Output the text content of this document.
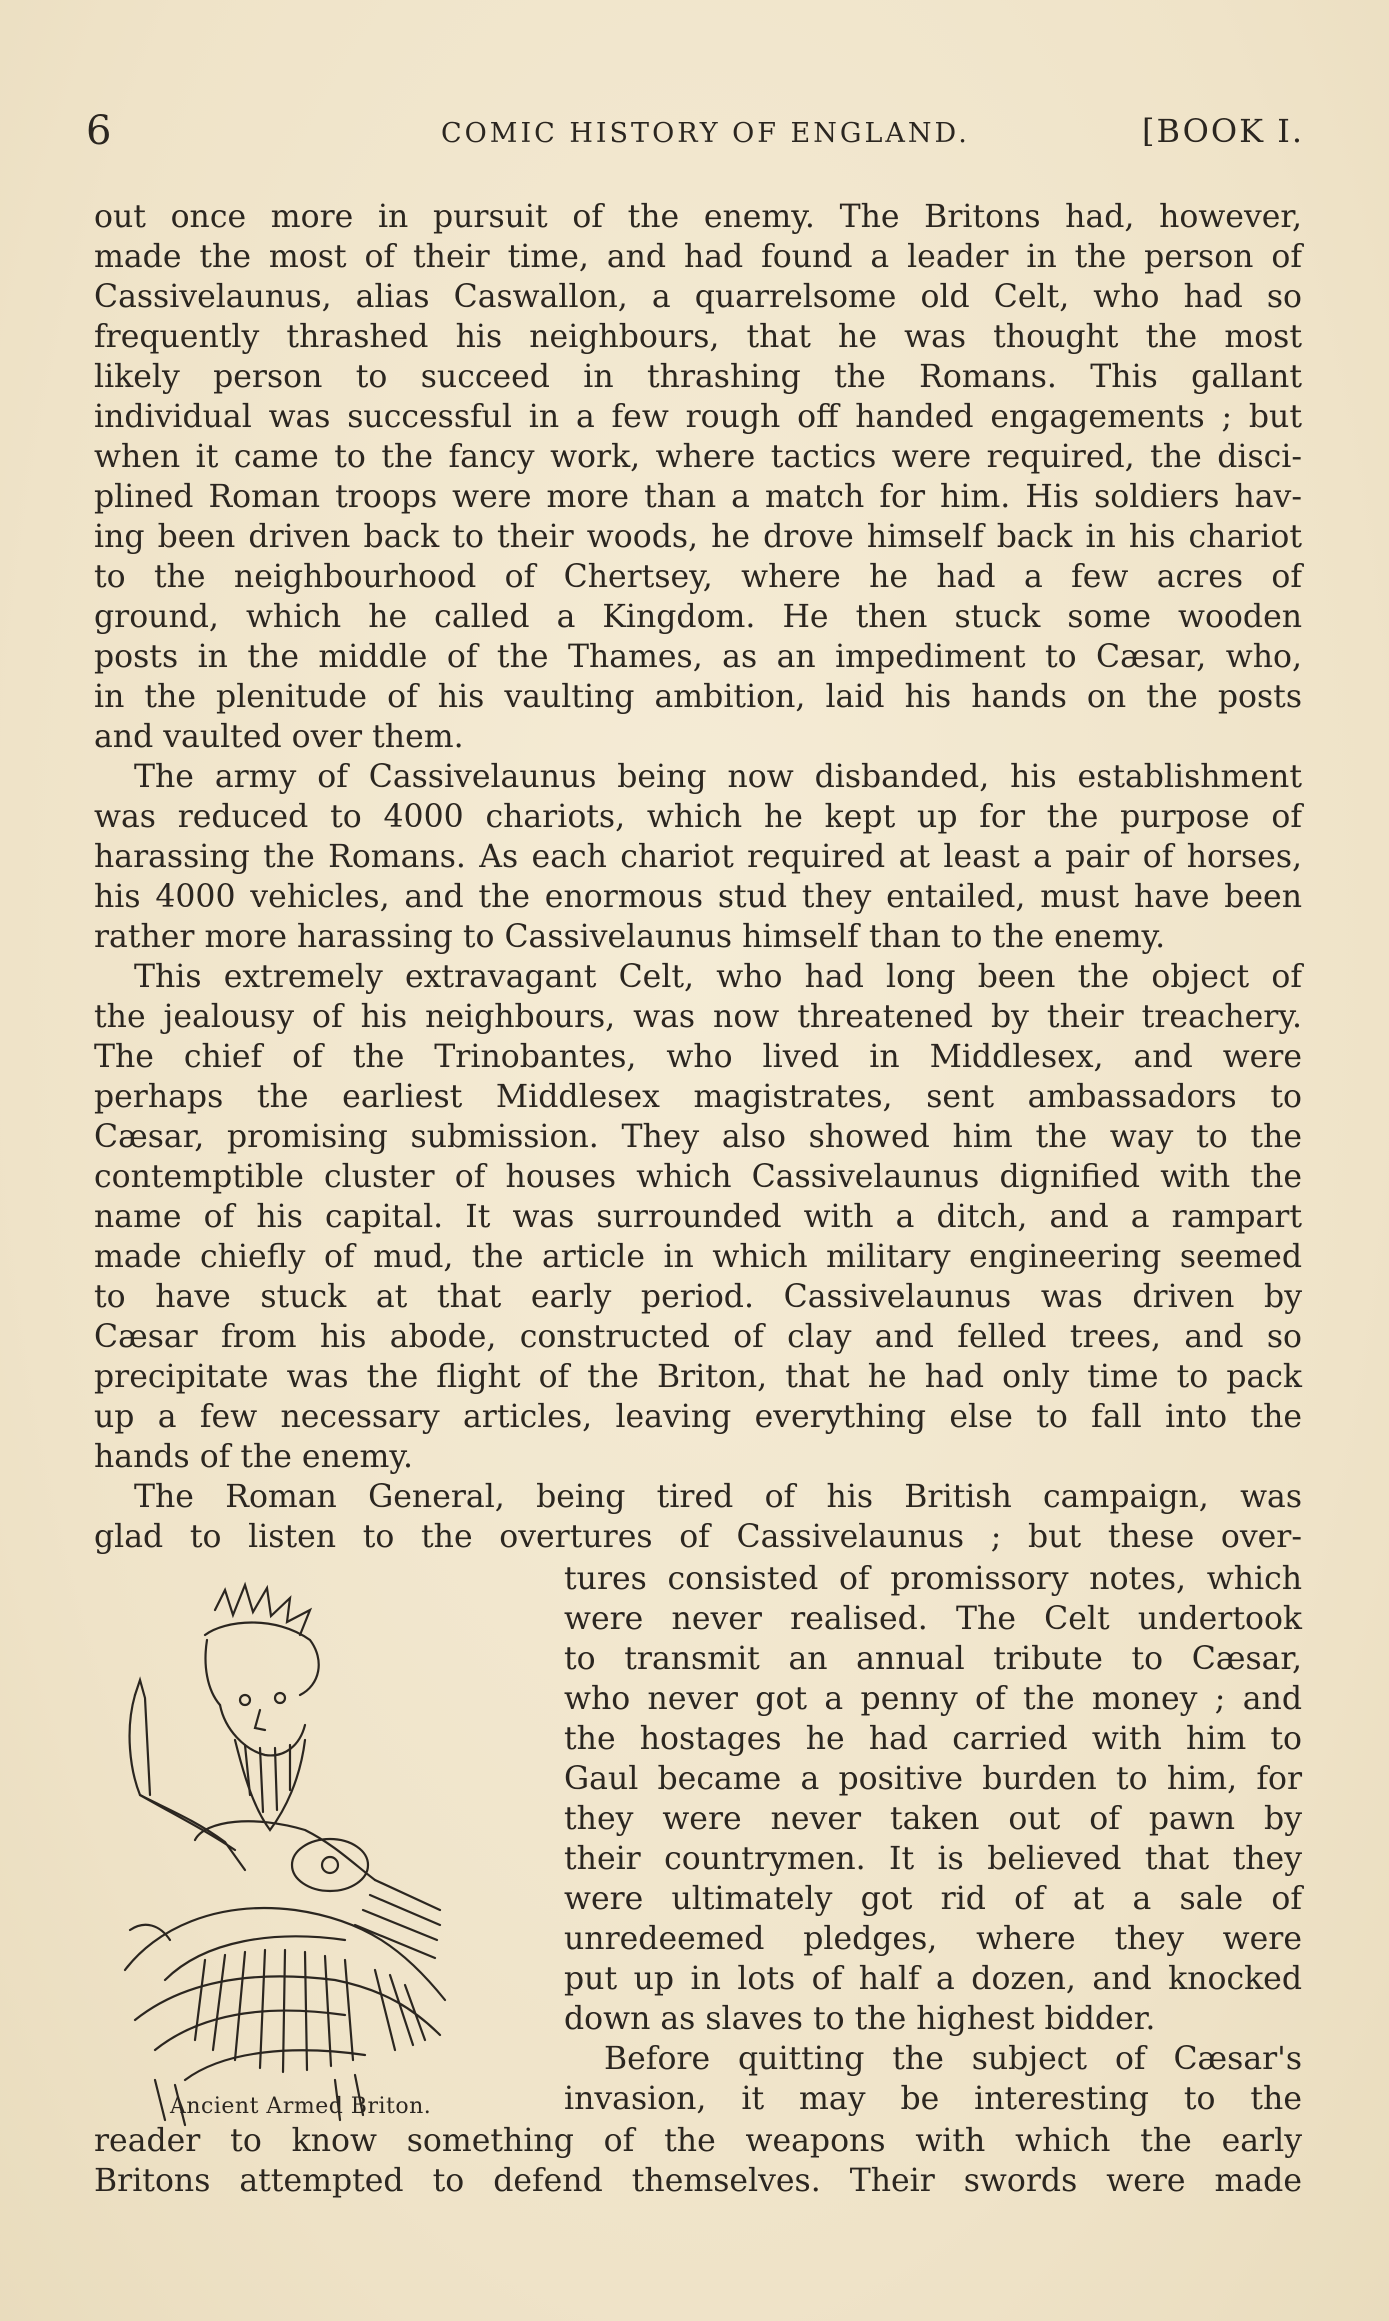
6	COMIC HISTORY OF ENGLAND.	[BOOK I.
out once more in pursuit of the enemy. The Britons had, however,
made the most of their time, and had found a leader in the person of
Cassivelaunus, alias Caswallon, a quarrelsome old Celt, who had so
frequently thrashed his neighbours, that he was thought the most
likely person to succeed in thrashing the Romans. This gallant
individual was successful in a few rough off handed engagements ; but
when it came to the fancy work, where tactics were required, the disci-
plined Roman troops were more than a match for him. His soldiers hav-
ing been driven back to their woods, he drove himself back in his chariot
to the neighbourhood of Chertsey, where he had a few acres of
ground, which he called a Kingdom. He then stuck some wooden
posts in the middle of the Thames, as an impediment to Cæsar, who,
in the plenitude of his vaulting ambition, laid his hands on the posts
and vaulted over them.
The army of Cassivelaunus being now disbanded, his establishment
was reduced to 4000 chariots, which he kept up for the purpose of
harassing the Romans. As each chariot required at least a pair of horses,
his 4000 vehicles, and the enormous stud they entailed, must have been
rather more harassing to Cassivelaunus himself than to the enemy.
This extremely extravagant Celt, who had long been the object of
the jealousy of his neighbours, was now threatened by their treachery.
The chief of the Trinobantes, who lived in Middlesex, and were
perhaps the earliest Middlesex magistrates, sent ambassadors to
Cæsar, promising submission. They also showed him the way to the
contemptible cluster of houses which Cassivelaunus dignified with the
name of his capital. It was surrounded with a ditch, and a rampart
made chiefly of mud, the article in which military engineering seemed
to have stuck at that early period. Cassivelaunus was driven by
Cæsar from his abode, constructed of clay and felled trees, and so
precipitate was the flight of the Briton, that he had only time to pack
up a few necessary articles, leaving everything else to fall into the
hands of the enemy.
The Roman General, being tired of his British campaign, was
glad to listen to the overtures of Cassivelaunus ; but these over-
tures consisted of promissory notes, which
were never realised. The Celt undertook
to transmit an annual tribute to Cæsar,
who never got a penny of the money ; and
the hostages he had carried with him to
Gaul became a positive burden to him, for
they were never taken out of pawn by
their countrymen. It is believed that they
were ultimately got rid of at a sale of
unredeemed pledges, where they were
put up in lots of half a dozen, and knocked
down as slaves to the highest bidder.
Before quitting the subject of Cæsar's
invasion, it may be interesting to the
Ancient Armed Briton.
reader to know something of the weapons with which the early
Britons attempted to defend themselves. Their swords were made
